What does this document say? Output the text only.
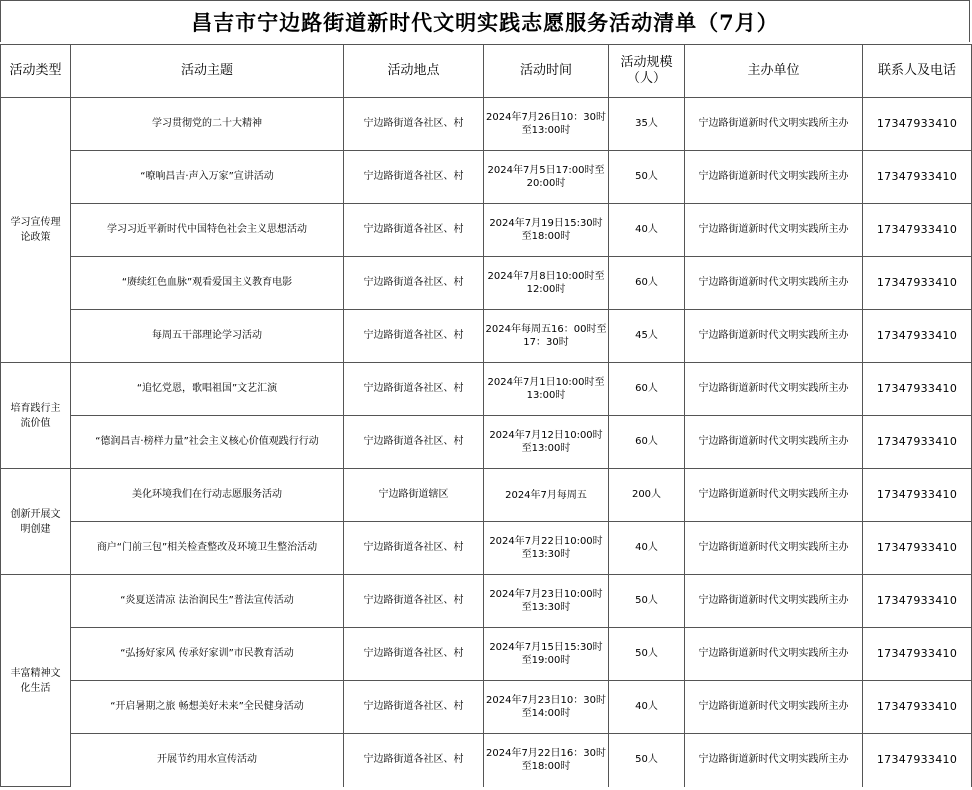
昌吉市宁边路街道新时代文明实践志愿服务活动清单（7月）
活动类型	活动主题	活动地点	活动时间	活动规模（人）	主办单位	联系人及电话
学习宣传理论政策	学习贯彻党的二十大精神	宁边路街道各社区、村	2024年7月26日10：30时至13:00时	35人	宁边路街道新时代文明实践所主办	17347933410
	“嘹响昌吉·声入万家”宣讲活动	宁边路街道各社区、村	2024年7月5日17:00时至20:00时	50人	宁边路街道新时代文明实践所主办	17347933410
	学习习近平新时代中国特色社会主义思想活动	宁边路街道各社区、村	2024年7月19日15:30时至18:00时	40人	宁边路街道新时代文明实践所主办	17347933410
	“赓续红色血脉”观看爱国主义教育电影	宁边路街道各社区、村	2024年7月8日10:00时至12:00时	60人	宁边路街道新时代文明实践所主办	17347933410
	每周五干部理论学习活动	宁边路街道各社区、村	2024年每周五16：00时至17：30时	45人	宁边路街道新时代文明实践所主办	17347933410
培育践行主流价值	“追忆党恩，歌唱祖国”文艺汇演	宁边路街道各社区、村	2024年7月1日10:00时至13:00时	60人	宁边路街道新时代文明实践所主办	17347933410
	“德润昌吉·榜样力量”社会主义核心价值观践行行动	宁边路街道各社区、村	2024年7月12日10:00时至13:00时	60人	宁边路街道新时代文明实践所主办	17347933410
创新开展文明创建	美化环境我们在行动志愿服务活动	宁边路街道辖区	2024年7月每周五	200人	宁边路街道新时代文明实践所主办	17347933410
	商户“门前三包”相关检查整改及环境卫生整治活动	宁边路街道各社区、村	2024年7月22日10:00时至13:30时	40人	宁边路街道新时代文明实践所主办	17347933410
丰富精神文化生活	“炎夏送清凉 法治润民生”普法宣传活动	宁边路街道各社区、村	2024年7月23日10:00时至13:30时	50人	宁边路街道新时代文明实践所主办	17347933410
	“弘扬好家风 传承好家训”市民教育活动	宁边路街道各社区、村	2024年7月15日15:30时至19:00时	50人	宁边路街道新时代文明实践所主办	17347933410
	“开启暑期之旅 畅想美好未来”全民健身活动	宁边路街道各社区、村	2024年7月23日10：30时至14:00时	40人	宁边路街道新时代文明实践所主办	17347933410
	开展节约用水宣传活动	宁边路街道各社区、村	2024年7月22日16：30时至18:00时	50人	宁边路街道新时代文明实践所主办	17347933410
